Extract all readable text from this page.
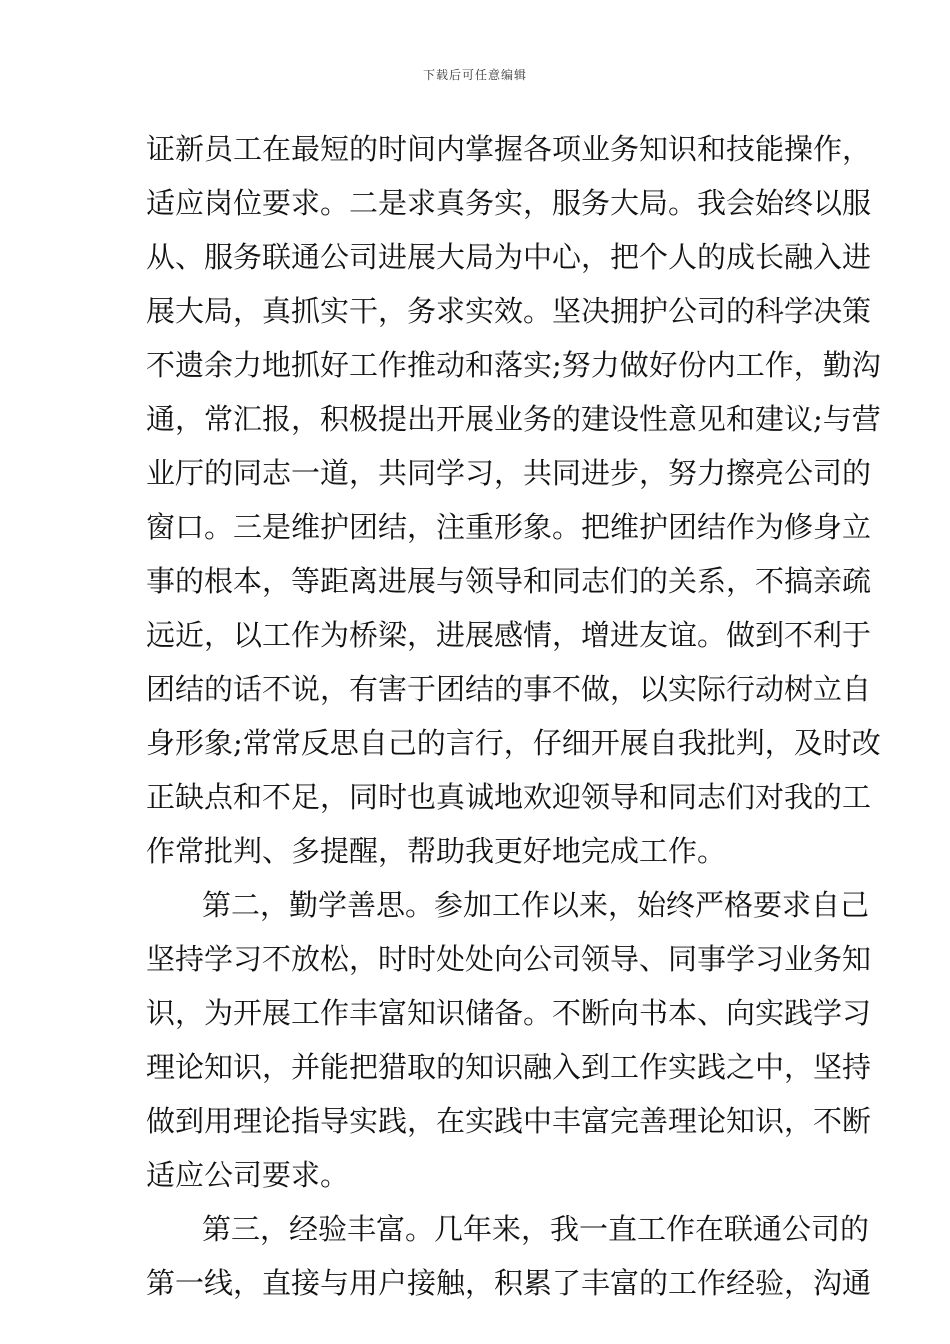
下载后可任意编辑
证新员工在最短的时间内掌握各项业务知识和技能操作，
适应岗位要求。二是求真务实，服务大局。我会始终以服
从、服务联通公司进展大局为中心，把个人的成长融入进
展大局，真抓实干，务求实效。坚决拥护公司的科学决策
不遗余力地抓好工作推动和落实;努力做好份内工作，勤沟
通，常汇报，积极提出开展业务的建设性意见和建议;与营
业厅的同志一道，共同学习，共同进步，努力擦亮公司的
窗口。三是维护团结，注重形象。把维护团结作为修身立
事的根本，等距离进展与领导和同志们的关系，不搞亲疏
远近，以工作为桥梁，进展感情，增进友谊。做到不利于
团结的话不说，有害于团结的事不做，以实际行动树立自
身形象;常常反思自己的言行，仔细开展自我批判，及时改
正缺点和不足，同时也真诚地欢迎领导和同志们对我的工
作常批判、多提醒，帮助我更好地完成工作。
第二，勤学善思。参加工作以来，始终严格要求自己
坚持学习不放松，时时处处向公司领导、同事学习业务知
识，为开展工作丰富知识储备。不断向书本、向实践学习
理论知识，并能把猎取的知识融入到工作实践之中，坚持
做到用理论指导实践，在实践中丰富完善理论知识，不断
适应公司要求。
第三，经验丰富。几年来，我一直工作在联通公司的
第一线，直接与用户接触，积累了丰富的工作经验，沟通
